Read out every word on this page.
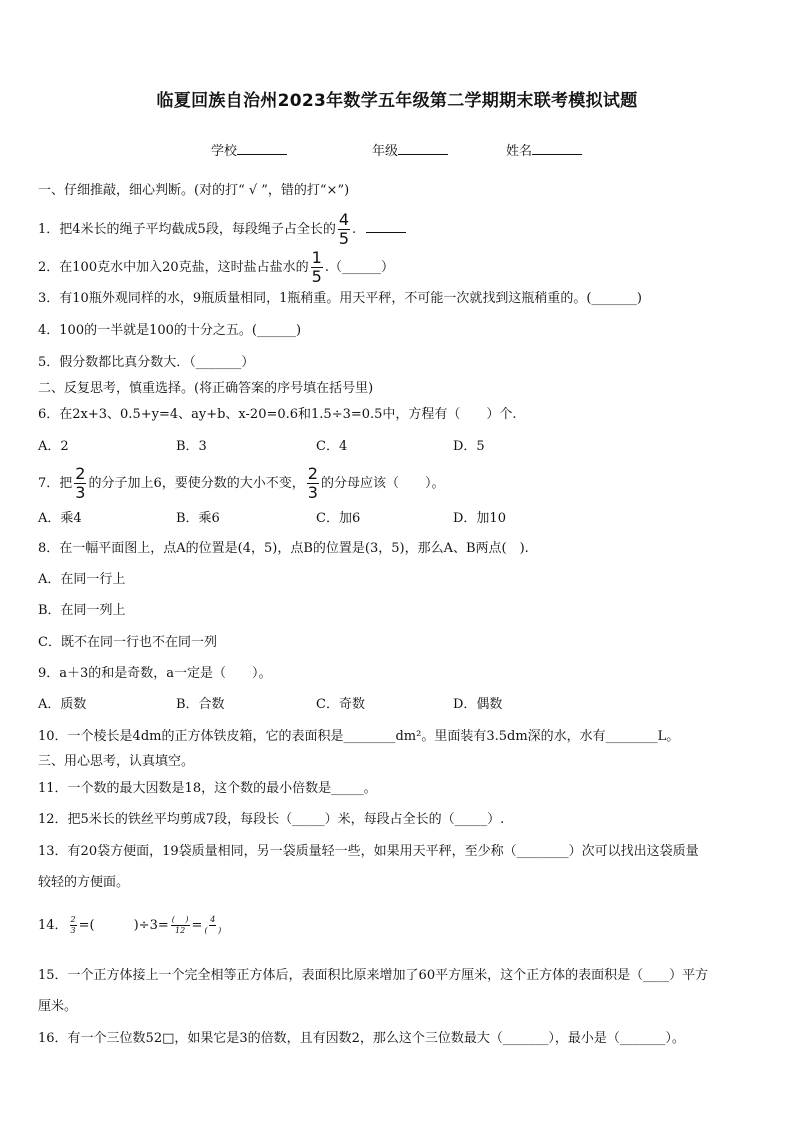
临夏回族自治州2023年数学五年级第二学期期末联考模拟试题
学校	年级	姓名
一、仔细推敲，细心判断。(对的打“ √ ”，错的打“×”)
1．把4米长的绳子平均截成5段，每段绳子占全长的 $\frac{4}{5}$ .
2．在100克水中加入20克盐，这时盐占盐水的 $\frac{1}{5}$ .（______）
3．有10瓶外观同样的水，9瓶质量相同，1瓶稍重。用天平秤，不可能一次就找到这瓶稍重的。(_______)
4．100的一半就是100的十分之五。(______)
5．假分数都比真分数大．（_______）
二、反复思考，慎重选择。(将正确答案的序号填在括号里)
6．在2x+3、0.5+y=4、ay+b、x-20=0.6和1.5÷3=0.5中，方程有（　　）个.
A．2	B．3	C．4	D．5
7．把 $\frac{2}{3}$ 的分子加上6，要使分数的大小不变， $\frac{2}{3}$ 的分母应该（　　）。
A．乘4	B．乘6	C．加6	D．加10
8．在一幅平面图上，点A的位置是(4，5)，点B的位置是(3，5)，那么A、B两点(　).
A．在同一行上
B．在同一列上
C．既不在同一行也不在同一列
9．a＋3的和是奇数，a一定是（　　）。
A．质数	B．合数	C．奇数	D．偶数
10．一个棱长是4dm的正方体铁皮箱，它的表面积是________dm²。里面装有3.5dm深的水，水有________L。
三、用心思考，认真填空。
11．一个数的最大因数是18，这个数的最小倍数是_____。
12．把5米长的铁丝平均剪成7段，每段长（_____）米，每段占全长的（_____）.
13．有20袋方便面，19袋质量相同，另一袋质量轻一些，如果用天平秤，至少称（________）次可以找出这袋质量
较轻的方便面。
14． $\frac{2}{3}$ =(　　　)$\div 3= \frac{( )}{12} = \frac{4}{( )}$
15．一个正方体接上一个完全相等正方体后，表面积比原来增加了60平方厘米，这个正方体的表面积是（____）平方
厘米。
16．有一个三位数52□，如果它是3的倍数，且有因数2，那么这个三位数最大（_______），最小是（_______）。
